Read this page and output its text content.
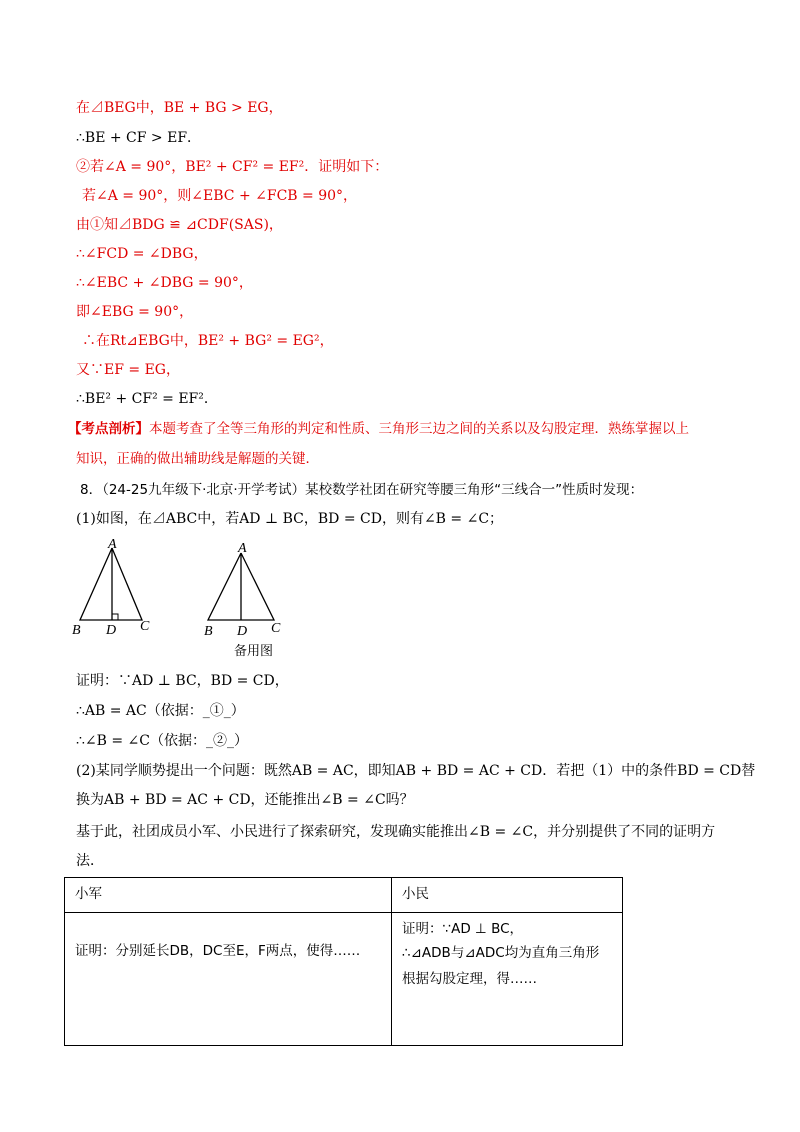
在⊿BEG中，BE + BG > EG，
∴BE + CF > EF．
②若∠A = 90°，BE² + CF² = EF²．证明如下：
若∠A = 90°，则∠EBC + ∠FCB = 90°，
由①知⊿BDG ≌ ⊿CDF(SAS)，
∴∠FCD = ∠DBG，
∴∠EBC + ∠DBG = 90°，
即∠EBG = 90°，
∴在Rt⊿EBG中，BE² + BG² = EG²，
又∵EF = EG，
∴BE² + CF² = EF²．
【考点剖析】本题考查了全等三角形的判定和性质、三角形三边之间的关系以及勾股定理．熟练掌握以上
知识，正确的做出辅助线是解题的关键．
8．（24-25九年级下·北京·开学考试）某校数学社团在研究等腰三角形“三线合一”性质时发现：
(1)如图，在⊿ABC中，若AD ⊥ BC，BD = CD，则有∠B = ∠C；
A
B D C
A
B D C
备用图
证明：∵AD ⊥ BC，BD = CD，
∴AB = AC（依据：_①_）
∴∠B = ∠C（依据：_②_）
(2)某同学顺势提出一个问题：既然AB = AC，即知AB + BD = AC + CD．若把（1）中的条件BD = CD替
换为AB + BD = AC + CD，还能推出∠B = ∠C吗？
基于此，社团成员小军、小民进行了探索研究，发现确实能推出∠B = ∠C，并分别提供了不同的证明方
法．
小军	小民
证明：分别延长DB，DC至E，F两点，使得……	证明：∵AD ⊥ BC，
∴⊿ADB与⊿ADC均为直角三角形
根据勾股定理，得……
